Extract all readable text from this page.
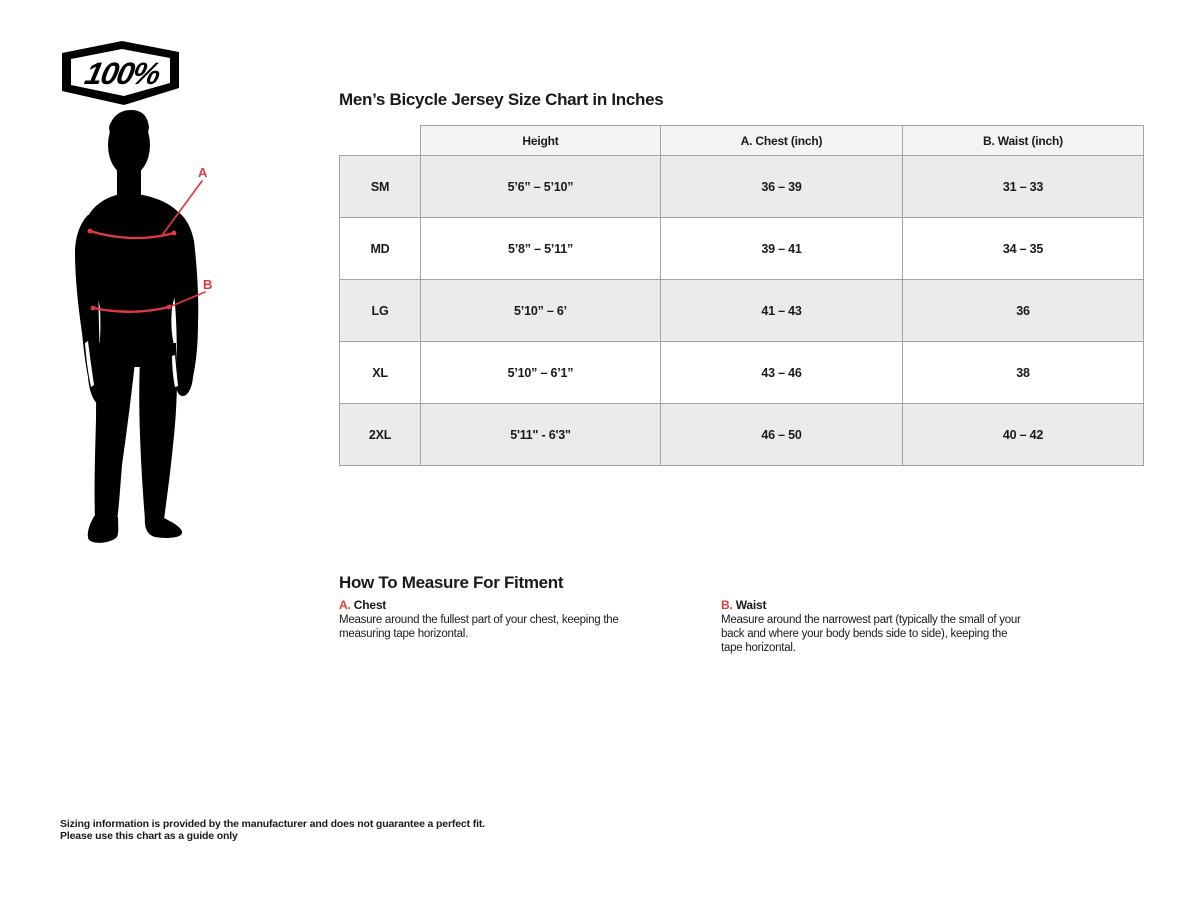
100%
A
B
Men’s Bicycle Jersey Size Chart in Inches
	Height	A. Chest (inch)	B. Waist (inch)
SM	5’6” – 5’10”	36 – 39	31 – 33
MD	5’8” – 5’11”	39 – 41	34 – 35
LG	5’10” – 6’	41 – 43	36
XL	5’10” – 6’1”	43 – 46	38
2XL	5'11" - 6'3"	46 – 50	40 – 42
How To Measure For Fitment
A. Chest

Measure around the fullest part of your chest, keeping the measuring tape horizontal.

B. Waist

Measure around the narrowest part (typically the small of your back and where your body bends side to side), keeping the tape horizontal.

Sizing information is provided by the manufacturer and does not guarantee a perfect fit.
Please use this chart as a guide only
